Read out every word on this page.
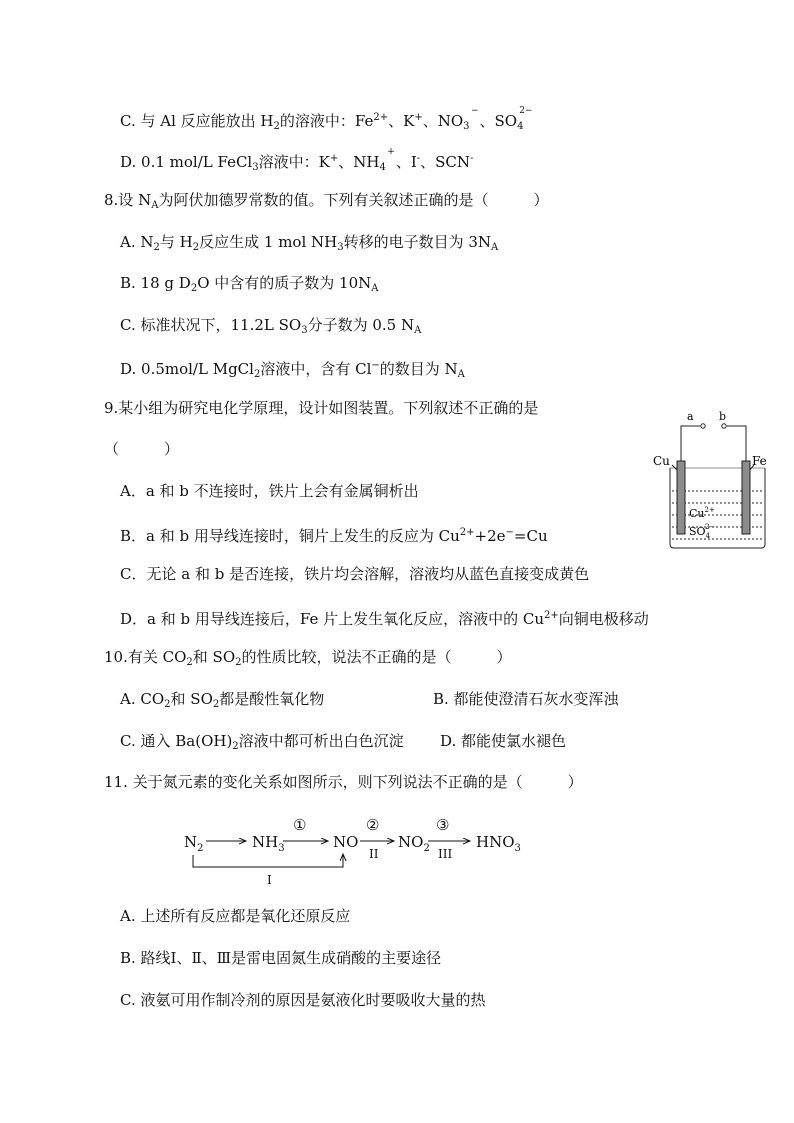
C. 与 Al 反应能放出 $H_2$的溶液中：$Fe^{2+}$、K+、$NO_3$
−
、$SO_4$
2−
D. 0.1 mol/L FeCl$_3$溶液中：K+、$NH_4$
+
、I-、SCN-
8.设 $N_A$为阿伏加德罗常数的值。下列有关叙述正确的是（　　　）
A. $N_2$与 $H_2$反应生成 1 mol $NH_3$转移的电子数目为 $3N_A$
B. 18 g $D_2O$ 中含有的质子数为 $10N_A$
C. 标准状况下，11.2L $SO_3$分子数为 0.5 $N_A$
D. 0.5mol/L MgCl$_2$溶液中，含有 Cl−的数目为 $N_A$
9.某小组为研究电化学原理，设计如图装置。下列叙述不正确的是
（　　　）
A．a 和 b 不连接时，铁片上会有金属铜析出
B．a 和 b 用导线连接时，铜片上发生的反应为 $Cu^{2+}+2e^-=Cu$
C．无论 a 和 b 是否连接，铁片均会溶解，溶液均从蓝色直接变成黄色
D．a 和 b 用导线连接后，Fe 片上发生氧化反应，溶液中的 $Cu^{2+}$向铜电极移动
a b
Cu	Fe
$Cu^{2+}$
$SO_42-$
10.有关 $CO_2$和 $SO_2$的性质比较，说法不正确的是（　　　）
A. $CO_2$和 $SO_2$都是酸性氧化物	B. 都能使澄清石灰水变浑浊
C. 通入 $Ba(OH)_2$溶液中都可析出白色沉淀 D. 都能使氯水褪色
11. 关于氮元素的变化关系如图所示，则下列说法不正确的是（　　　）
$N_2$	$NH_3$	NO	$NO_2$	$HNO_3$
①	②	③
II	III
I
A. 上述所有反应都是氧化还原反应
B. 路线Ⅰ、Ⅱ、Ⅲ是雷电固氮生成硝酸的主要途径
C. 液氨可用作制冷剂的原因是氨液化时要吸收大量的热
